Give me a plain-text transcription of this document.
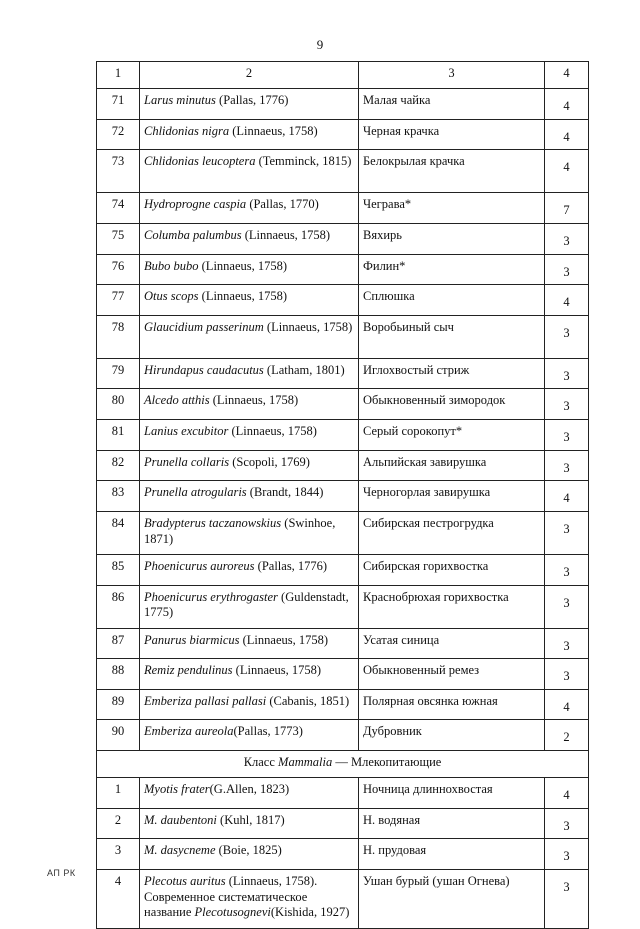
9
1	2	3	4
71	Larus minutus (Pallas, 1776)	Малая чайка	4
72	Chlidonias nigra (Linnaeus, 1758)	Черная крачка	4
73	Chlidonias leucoptera (Temminck, 1815)	Белокрылая крачка	4
74	Hydroprogne caspia (Pallas, 1770)	Чеграва*	7
75	Columba palumbus (Linnaeus, 1758)	Вяхирь	3
76	Bubo bubo (Linnaeus, 1758)	Филин*	3
77	Otus scops (Linnaeus, 1758)	Сплюшка	4
78	Glaucidium passerinum (Linnaeus, 1758)	Воробьиный сыч	3
79	Hirundapus caudacutus (Latham, 1801)	Иглохвостый стриж	3
80	Alcedo atthis (Linnaeus, 1758)	Обыкновенный зимородок	3
81	Lanius excubitor (Linnaeus, 1758)	Серый сорокопут*	3
82	Prunella collaris (Scopoli, 1769)	Альпийская завирушка	3
83	Prunella atrogularis (Brandt, 1844)	Черногорлая завирушка	4
84	Bradypterus taczanowskius (Swinhoe, 1871)	Сибирская пестрогрудка	3
85	Phoenicurus auroreus (Pallas, 1776)	Сибирская горихвостка	3
86	Phoenicurus erythrogaster (Guldenstadt, 1775)	Краснобрюхая горихвостка	3
87	Panurus biarmicus (Linnaeus, 1758)	Усатая синица	3
88	Remiz pendulinus (Linnaeus, 1758)	Обыкновенный ремез	3
89	Emberiza pallasi pallasi (Cabanis, 1851)	Полярная овсянка южная	4
90	Emberiza aureola(Pallas, 1773)	Дубровник	2
Класс Mammalia — Млекопитающие			
1	Myotis frater(G.Allen, 1823)	Ночница длиннохвостая	4
2	M. daubentoni (Kuhl, 1817)	Н. водяная	3
3	M. dasycneme (Boie, 1825)	Н. прудовая	3
4	Plecotus auritus (Linnaeus, 1758).
Современное систематическое название Plecotusognevi(Kishida, 1927)	Ушан бурый (ушан Огнева)	3
АП РК
